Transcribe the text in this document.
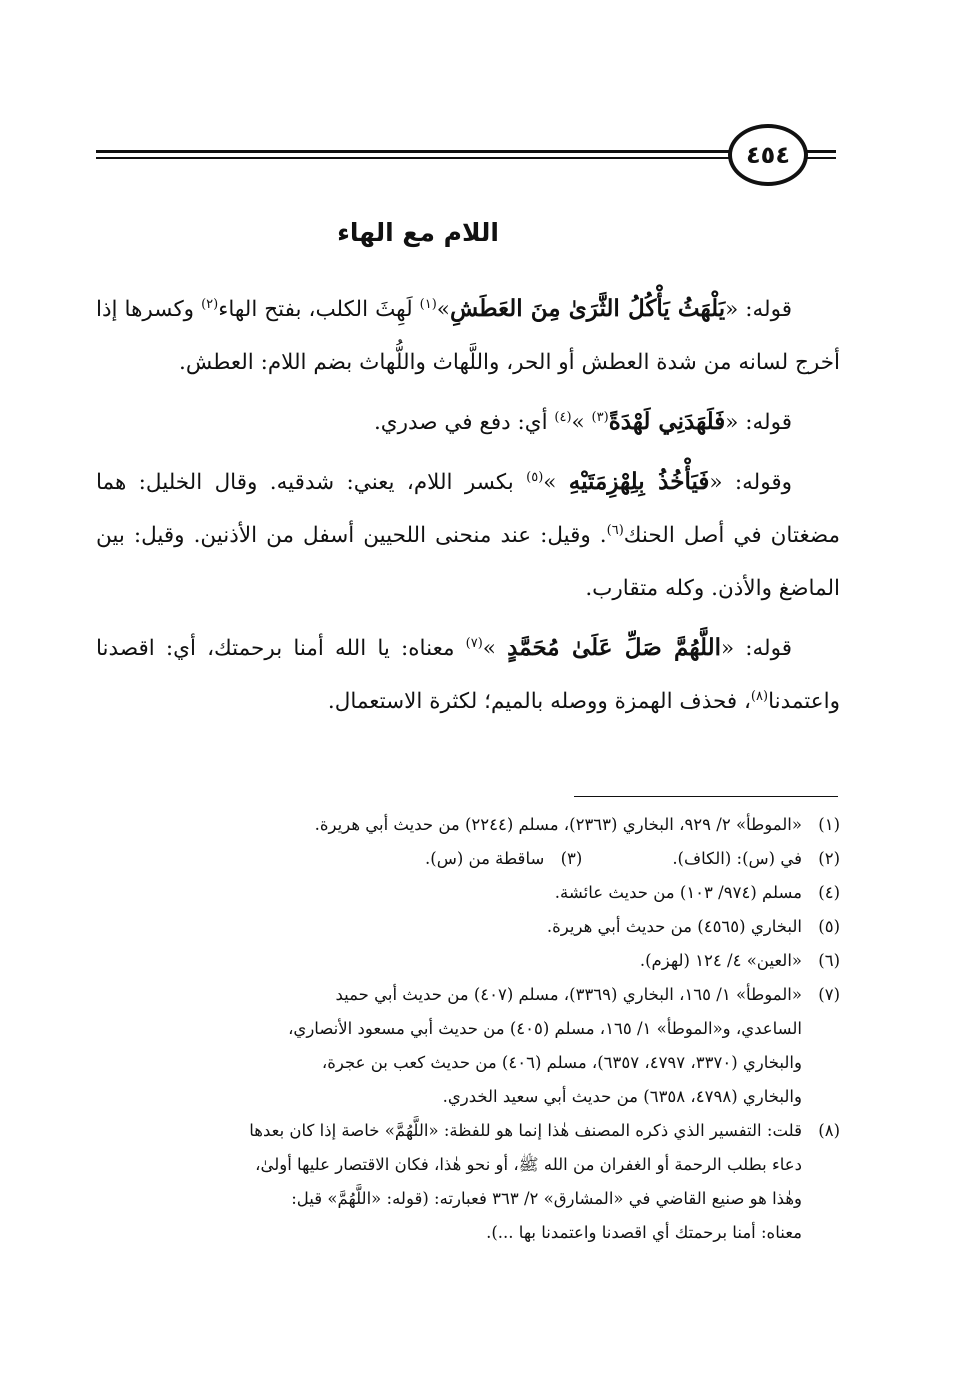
٤٥٤
اللام مع الهاء

قوله: «يَلْهَثُ يَأْكُلُ الثَّرَىٰ مِنَ العَطَشِ»$^{(١)}$ لَهِثَ الكلب، بفتح الهاء$^{(٢)}$ وكسرها إذا أخرج لسانه من شدة العطش أو الحر، واللَّهاث واللُّهاث بضم اللام: العطش.

قوله: «فَلَهَدَنِي لَهْدَةً$^{(٣)}$ »$^{(٤)}$ أي: دفع في صدري.

وقوله: «فَيَأْخُذُ بِلِهْزِمَتَيْهِ »$^{(٥)}$ بكسر اللام، يعني: شدقيه. وقال الخليل: هما مضغتان في أصل الحنك$^{(٦)}$. وقيل: عند منحنى اللحيين أسفل من الأذنين. وقيل: بين الماضغ والأذن. وكله متقارب.

قوله: «اللَّهُمَّ صَلِّ عَلَىٰ مُحَمَّدٍ »$^{(٧)}$ معناه: يا الله أمنا برحمتك، أي: اقصدنا واعتمدنا$^{(٨)}$، فحذف الهمزة ووصله بالميم؛ لكثرة الاستعمال.

(١)
«الموطأ» ٢/ ٩٢٩، البخاري (٢٣٦٣)، مسلم (٢٢٤٤) من حديث أبي هريرة.
(٢)
في (س): (الكاف).
(٣)
ساقطة من (س).
(٤)
مسلم (٩٧٤/ ١٠٣) من حديث عائشة.
(٥)
البخاري (٤٥٦٥) من حديث أبي هريرة.
(٦)
«العين» ٤/ ١٢٤ (لهزم).
(٧)
«الموطأ» ١/ ١٦٥، البخاري (٣٣٦٩)، مسلم (٤٠٧) من حديث أبي حميد
الساعدي، و«الموطأ» ١/ ١٦٥، مسلم (٤٠٥) من حديث أبي مسعود الأنصاري،
والبخاري (٣٣٧٠، ٤٧٩٧، ٦٣٥٧)، مسلم (٤٠٦) من حديث كعب بن عجرة،
والبخاري (٤٧٩٨، ٦٣٥٨) من حديث أبي سعيد الخدري.
(٨)
قلت: التفسير الذي ذكره المصنف هٰذا إنما هو للفظة: «اللَّهُمَّ» خاصة إذا كان بعدها
دعاء بطلب الرحمة أو الغفران من الله ﷺ، أو نحو هٰذا، فكان الاقتصار عليها أولىٰ،
وهٰذا هو صنيع القاضي في «المشارق» ٢/ ٣٦٣ فعبارته: (قوله: «اللَّهُمَّ» قيل:
معناه: أمنا برحمتك أي اقصدنا واعتمدنا بها ...).
